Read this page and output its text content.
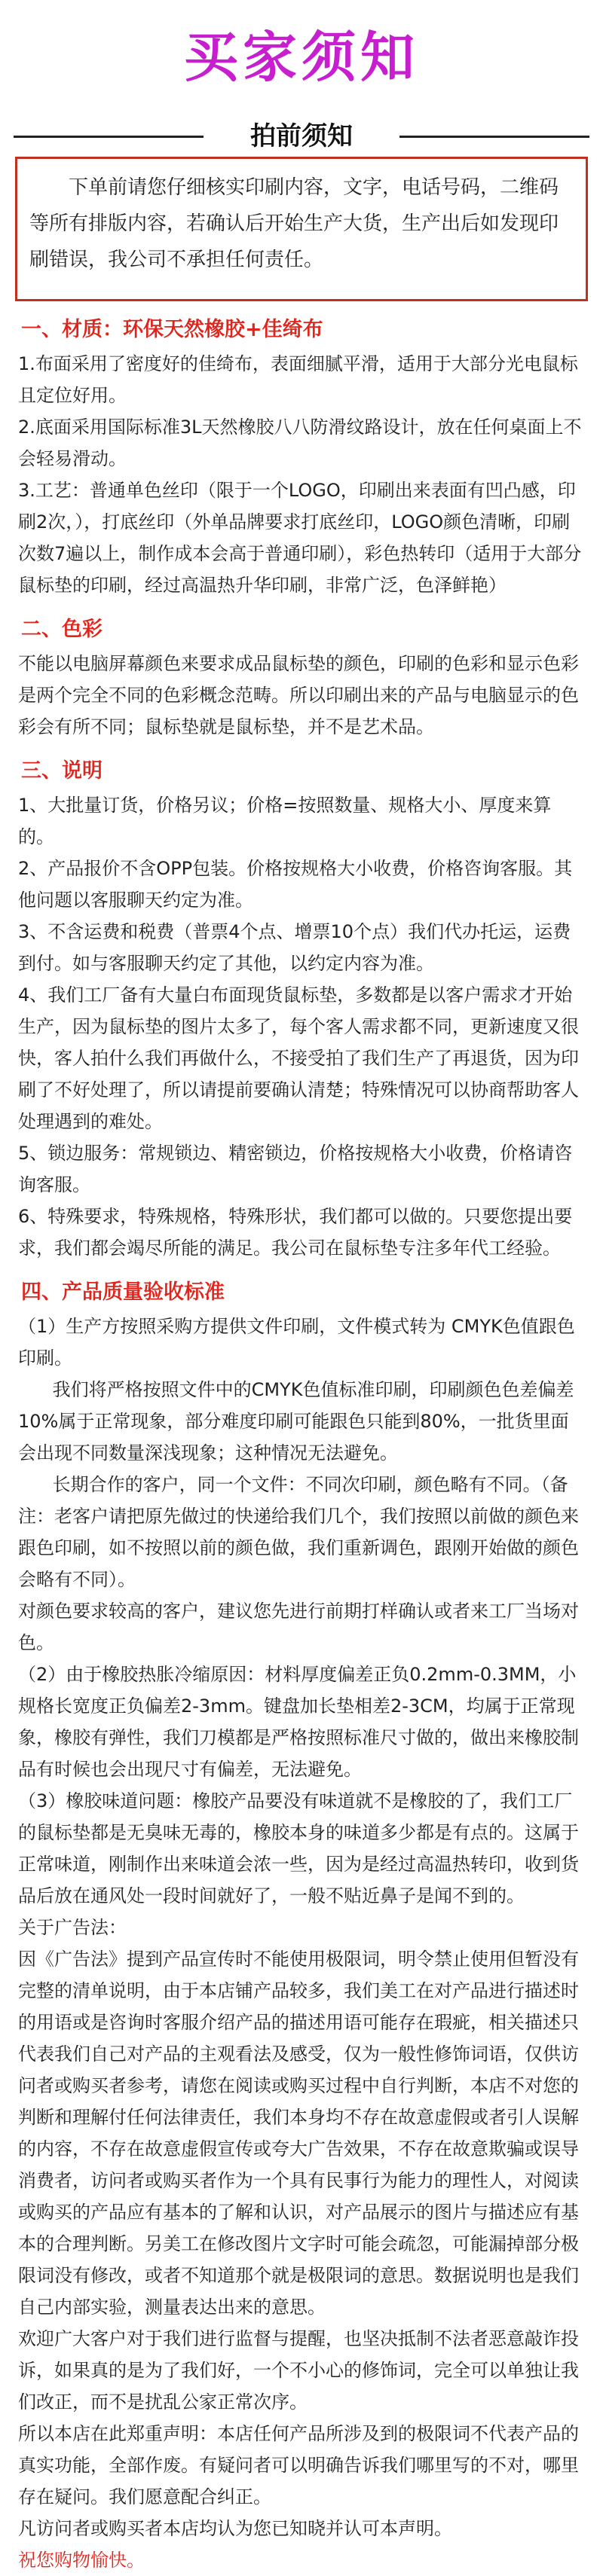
买家须知
拍前须知
下单前请您仔细核实印刷内容，文字，电话号码，二维码等所有排版内容，若确认后开始生产大货，生产出后如发现印刷错误，我公司不承担任何责任。
一、材质：环保天然橡胶+佳绮布
1.布面采用了密度好的佳绮布，表面细腻平滑，适用于大部分光电鼠标且定位好用。
2.底面采用国际标准3L天然橡胶八八防滑纹路设计，放在任何桌面上不会轻易滑动。
3.工艺：普通单色丝印（限于一个LOGO，印刷出来表面有凹凸感，印刷2次，），打底丝印（外单品牌要求打底丝印，LOGO颜色清晰，印刷次数7遍以上，制作成本会高于普通印刷），彩色热转印（适用于大部分鼠标垫的印刷，经过高温热升华印刷，非常广泛，色泽鲜艳）
二、色彩
不能以电脑屏幕颜色来要求成品鼠标垫的颜色，印刷的色彩和显示色彩是两个完全不同的色彩概念范畴。所以印刷出来的产品与电脑显示的色彩会有所不同；鼠标垫就是鼠标垫，并不是艺术品。
三、说明
1、大批量订货，价格另议；价格=按照数量、规格大小、厚度来算的。
2、产品报价不含OPP包装。价格按规格大小收费，价格咨询客服。其他问题以客服聊天约定为准。
3、不含运费和税费（普票4个点、增票10个点）我们代办托运，运费到付。如与客服聊天约定了其他，以约定内容为准。
4、我们工厂备有大量白布面现货鼠标垫，多数都是以客户需求才开始生产，因为鼠标垫的图片太多了，每个客人需求都不同，更新速度又很快，客人拍什么我们再做什么，不接受拍了我们生产了再退货，因为印刷了不好处理了，所以请提前要确认清楚；特殊情况可以协商帮助客人处理遇到的难处。
5、锁边服务：常规锁边、精密锁边，价格按规格大小收费，价格请咨询客服。
6、特殊要求，特殊规格，特殊形状，我们都可以做的。只要您提出要求，我们都会竭尽所能的满足。我公司在鼠标垫专注多年代工经验。
四、产品质量验收标准
（1）生产方按照采购方提供文件印刷，文件模式转为 CMYK色值跟色印刷。
我们将严格按照文件中的CMYK色值标准印刷，印刷颜色色差偏差10%属于正常现象，部分难度印刷可能跟色只能到80%，一批货里面会出现不同数量深浅现象；这种情况无法避免。
长期合作的客户，同一个文件：不同次印刷，颜色略有不同。（备注：老客户请把原先做过的快递给我们几个，我们按照以前做的颜色来跟色印刷，如不按照以前的颜色做，我们重新调色，跟刚开始做的颜色会略有不同）。
对颜色要求较高的客户，建议您先进行前期打样确认或者来工厂当场对色。
（2）由于橡胶热胀冷缩原因：材料厚度偏差正负0.2mm-0.3MM，小规格长宽度正负偏差2-3mm。键盘加长垫相差2-3CM，均属于正常现象，橡胶有弹性，我们刀模都是严格按照标准尺寸做的，做出来橡胶制品有时候也会出现尺寸有偏差，无法避免。
（3）橡胶味道问题：橡胶产品要没有味道就不是橡胶的了，我们工厂的鼠标垫都是无臭味无毒的，橡胶本身的味道多少都是有点的。这属于正常味道，刚制作出来味道会浓一些，因为是经过高温热转印，收到货品后放在通风处一段时间就好了，一般不贴近鼻子是闻不到的。
关于广告法：
因《广告法》提到产品宣传时不能使用极限词，明令禁止使用但暂没有完整的清单说明，由于本店铺产品较多，我们美工在对产品进行描述时的用语或是咨询时客服介绍产品的描述用语可能存在瑕疵，相关描述只代表我们自己对产品的主观看法及感受，仅为一般性修饰词语，仅供访问者或购买者参考，请您在阅读或购买过程中自行判断，本店不对您的判断和理解付任何法律责任，我们本身均不存在故意虚假或者引人误解的内容，不存在故意虚假宣传或夸大广告效果，不存在故意欺骗或误导消费者，访问者或购买者作为一个具有民事行为能力的理性人，对阅读或购买的产品应有基本的了解和认识，对产品展示的图片与描述应有基本的合理判断。另美工在修改图片文字时可能会疏忽，可能漏掉部分极限词没有修改，或者不知道那个就是极限词的意思。数据说明也是我们自己内部实验，测量表达出来的意思。
欢迎广大客户对于我们进行监督与提醒，也坚决抵制不法者恶意敲诈投诉，如果真的是为了我们好，一个不小心的修饰词，完全可以单独让我们改正，而不是扰乱公家正常次序。
所以本店在此郑重声明：本店任何产品所涉及到的极限词不代表产品的真实功能，全部作废。有疑问者可以明确告诉我们哪里写的不对，哪里存在疑问。我们愿意配合纠正。
凡访问者或购买者本店均认为您已知晓并认可本声明。
祝您购物愉快。
